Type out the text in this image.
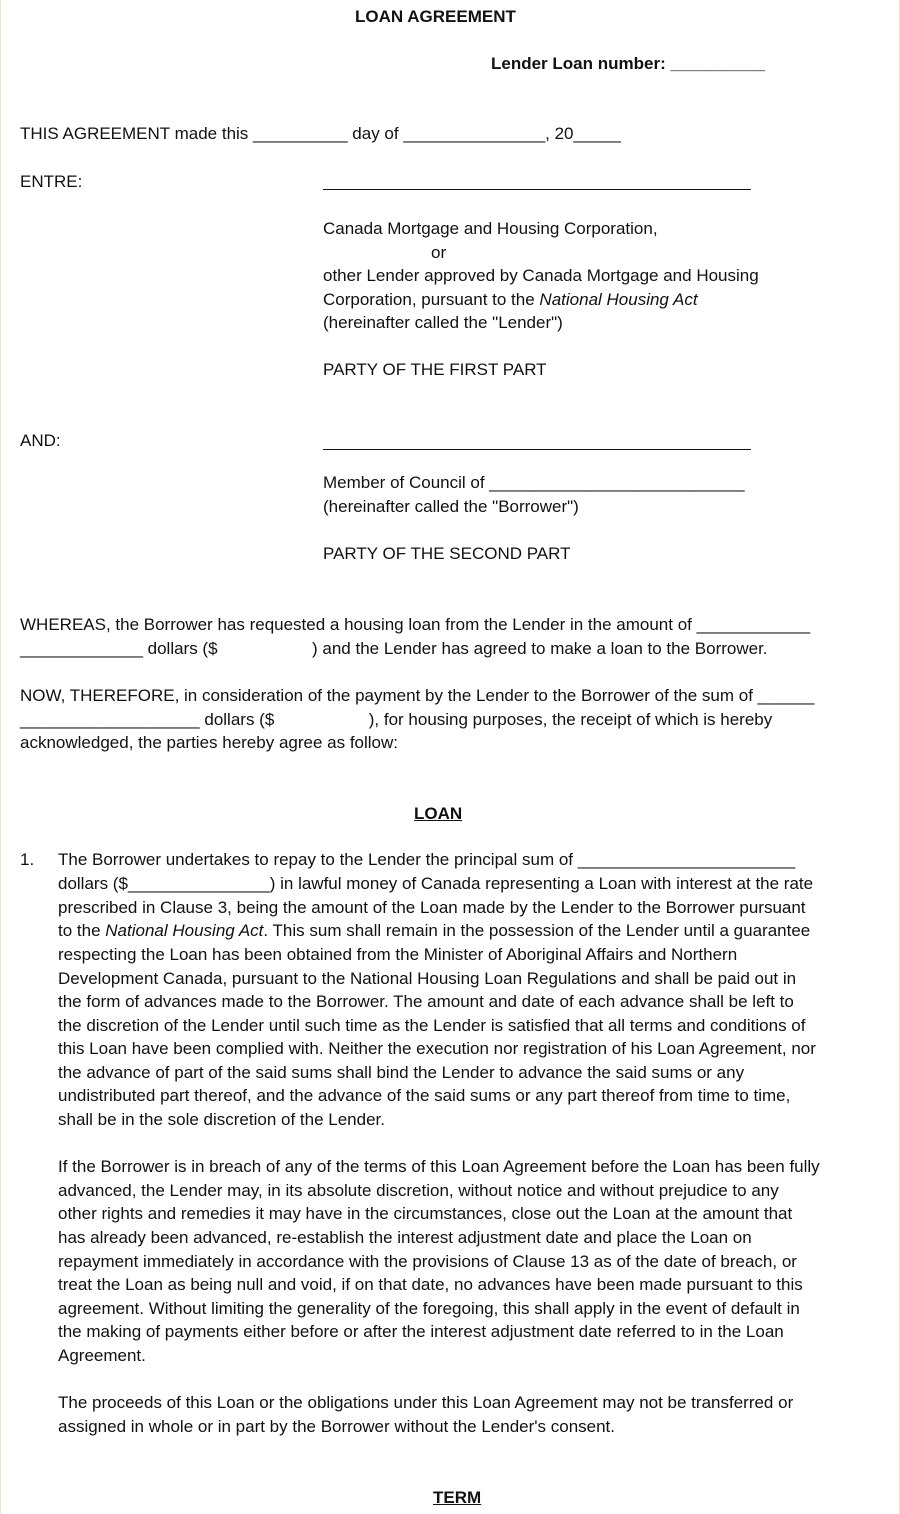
LOAN AGREEMENT
Lender Loan number: __________
THIS AGREEMENT made this __________ day of _______________, 20_____
ENTRE:
Canada Mortgage and Housing Corporation,
or
other Lender approved by Canada Mortgage and Housing
Corporation, pursuant to the National Housing Act
(hereinafter called the "Lender")
PARTY OF THE FIRST PART
AND:
Member of Council of ___________________________
(hereinafter called the "Borrower")
PARTY OF THE SECOND PART
WHEREAS, the Borrower has requested a housing loan from the Lender in the amount of ____________
_____________ dollars ($                    ) and the Lender has agreed to make a loan to the Borrower.
NOW, THEREFORE, in consideration of the payment by the Lender to the Borrower of the sum of ______
___________________ dollars ($                    ), for housing purposes, the receipt of which is hereby
acknowledged, the parties hereby agree as follow:
LOAN
1. The Borrower undertakes to repay to the Lender the principal sum of _______________________
dollars ($_______________) in lawful money of Canada representing a Loan with interest at the rate
prescribed in Clause 3, being the amount of the Loan made by the Lender to the Borrower pursuant
to the National Housing Act. This sum shall remain in the possession of the Lender until a guarantee
respecting the Loan has been obtained from the Minister of Aboriginal Affairs and Northern
Development Canada, pursuant to the National Housing Loan Regulations and shall be paid out in
the form of advances made to the Borrower. The amount and date of each advance shall be left to
the discretion of the Lender until such time as the Lender is satisfied that all terms and conditions of
this Loan have been complied with. Neither the execution nor registration of his Loan Agreement, nor
the advance of part of the said sums shall bind the Lender to advance the said sums or any
undistributed part thereof, and the advance of the said sums or any part thereof from time to time,
shall be in the sole discretion of the Lender.
If the Borrower is in breach of any of the terms of this Loan Agreement before the Loan has been fully
advanced, the Lender may, in its absolute discretion, without notice and without prejudice to any
other rights and remedies it may have in the circumstances, close out the Loan at the amount that
has already been advanced, re-establish the interest adjustment date and place the Loan on
repayment immediately in accordance with the provisions of Clause 13 as of the date of breach, or
treat the Loan as being null and void, if on that date, no advances have been made pursuant to this
agreement. Without limiting the generality of the foregoing, this shall apply in the event of default in
the making of payments either before or after the interest adjustment date referred to in the Loan
Agreement.
The proceeds of this Loan or the obligations under this Loan Agreement may not be transferred or
assigned in whole or in part by the Borrower without the Lender's consent.
TERM
